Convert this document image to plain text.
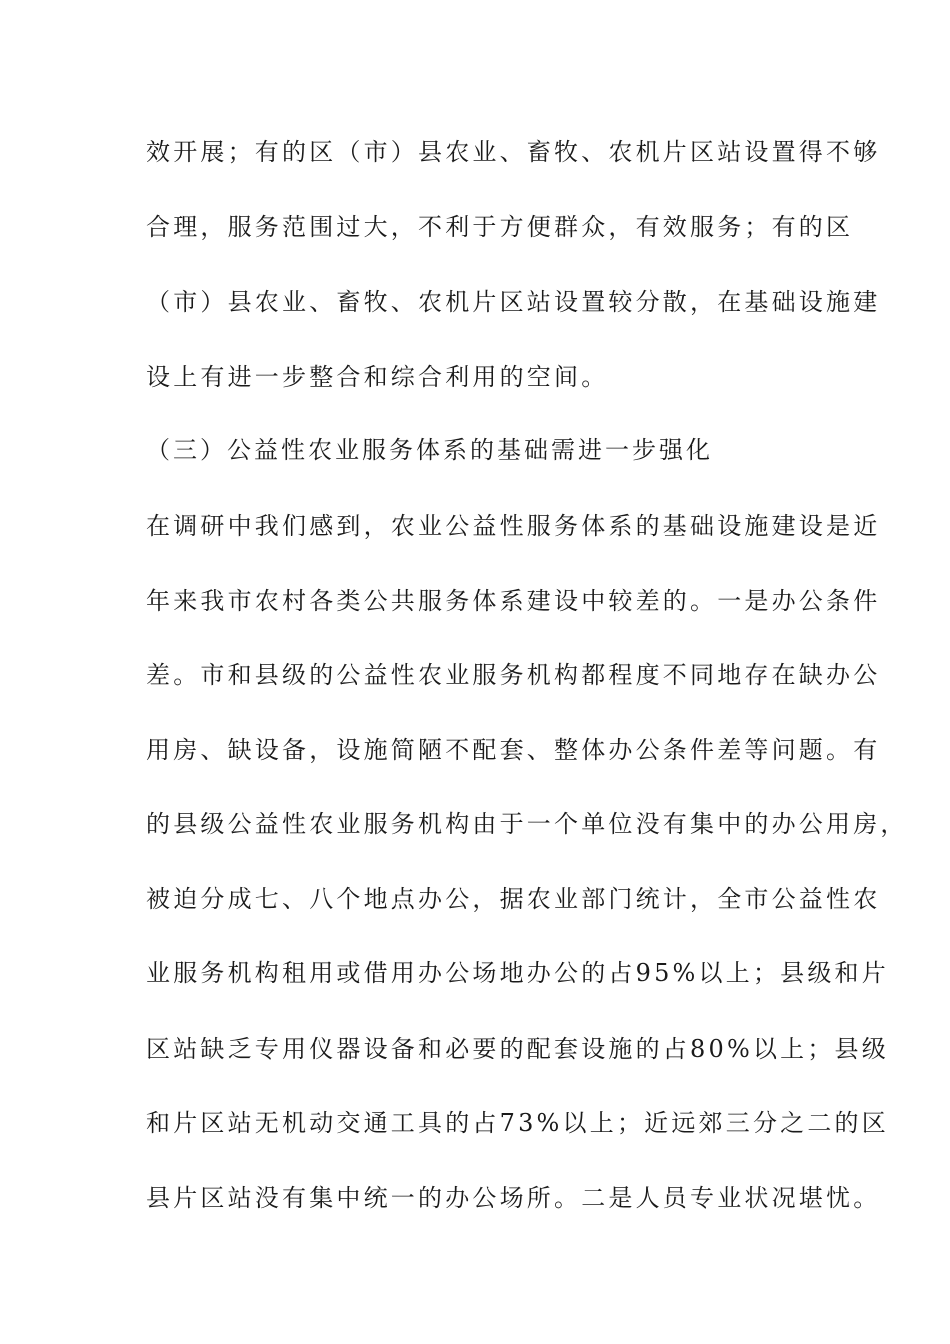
效开展；有的区（市）县农业、畜牧、农机片区站设置得不够
合理，服务范围过大，不利于方便群众，有效服务；有的区
（市）县农业、畜牧、农机片区站设置较分散，在基础设施建
设上有进一步整合和综合利用的空间。
（三）公益性农业服务体系的基础需进一步强化
在调研中我们感到，农业公益性服务体系的基础设施建设是近
年来我市农村各类公共服务体系建设中较差的。一是办公条件
差。市和县级的公益性农业服务机构都程度不同地存在缺办公
用房、缺设备，设施简陋不配套、整体办公条件差等问题。有
的县级公益性农业服务机构由于一个单位没有集中的办公用房，
被迫分成七、八个地点办公，据农业部门统计，全市公益性农
业服务机构租用或借用办公场地办公的占95%以上；县级和片
区站缺乏专用仪器设备和必要的配套设施的占80%以上；县级
和片区站无机动交通工具的占73%以上；近远郊三分之二的区
县片区站没有集中统一的办公场所。二是人员专业状况堪忧。
